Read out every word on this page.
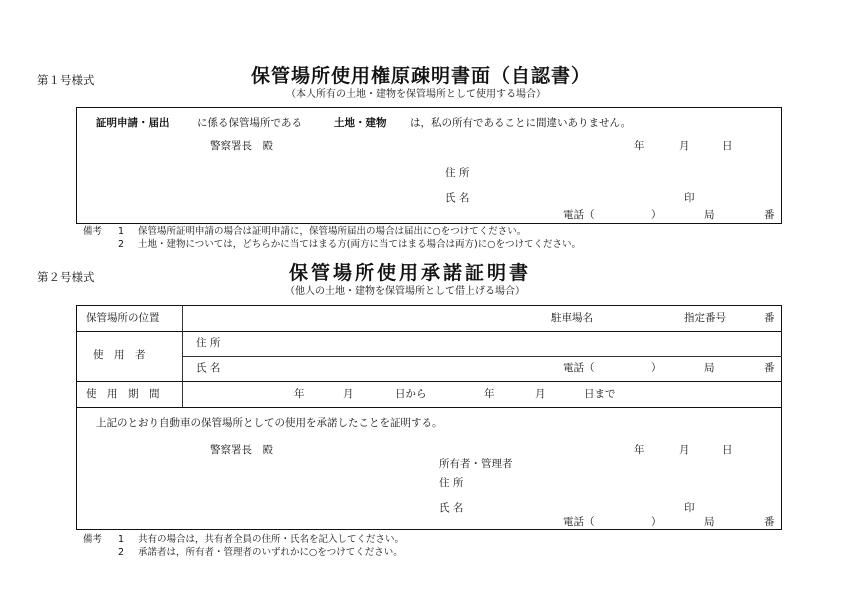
第１号様式	保管場所使用権原疎明書面（自認書）
（本人所有の土地・建物を保管場所として使用する場合）
証明申請・届出	に係る保管場所である	土地・建物 は，私の所有であることに間違いありません。
警察署長　殿	年	月	日
住 所
氏 名	印
電話（	）	局	番
備考 1 保管場所証明申請の場合は証明申請に，保管場所届出の場合は届出に○をつけてください。
2 土地・建物については，どちらかに当てはまる方(両方に当てはまる場合は両方)に○をつけてください。
第２号様式	保管場所使用承諾証明書
（他人の土地・建物を保管場所として借上げる場合）
保管場所の位置	駐車場名	指定番号	番
使　用　者
住 所
氏 名	電話（	）	局	番
使　用　期　間	年	月	日から	年	月	日まで
上記のとおり自動車の保管場所としての使用を承諾したことを証明する。
警察署長　殿	年	月	日
所有者・管理者
住 所
氏 名	印
電話（	）	局	番
備考 1 共有の場合は，共有者全員の住所・氏名を記入してください。
2 承諾者は，所有者・管理者のいずれかに○をつけてください。
